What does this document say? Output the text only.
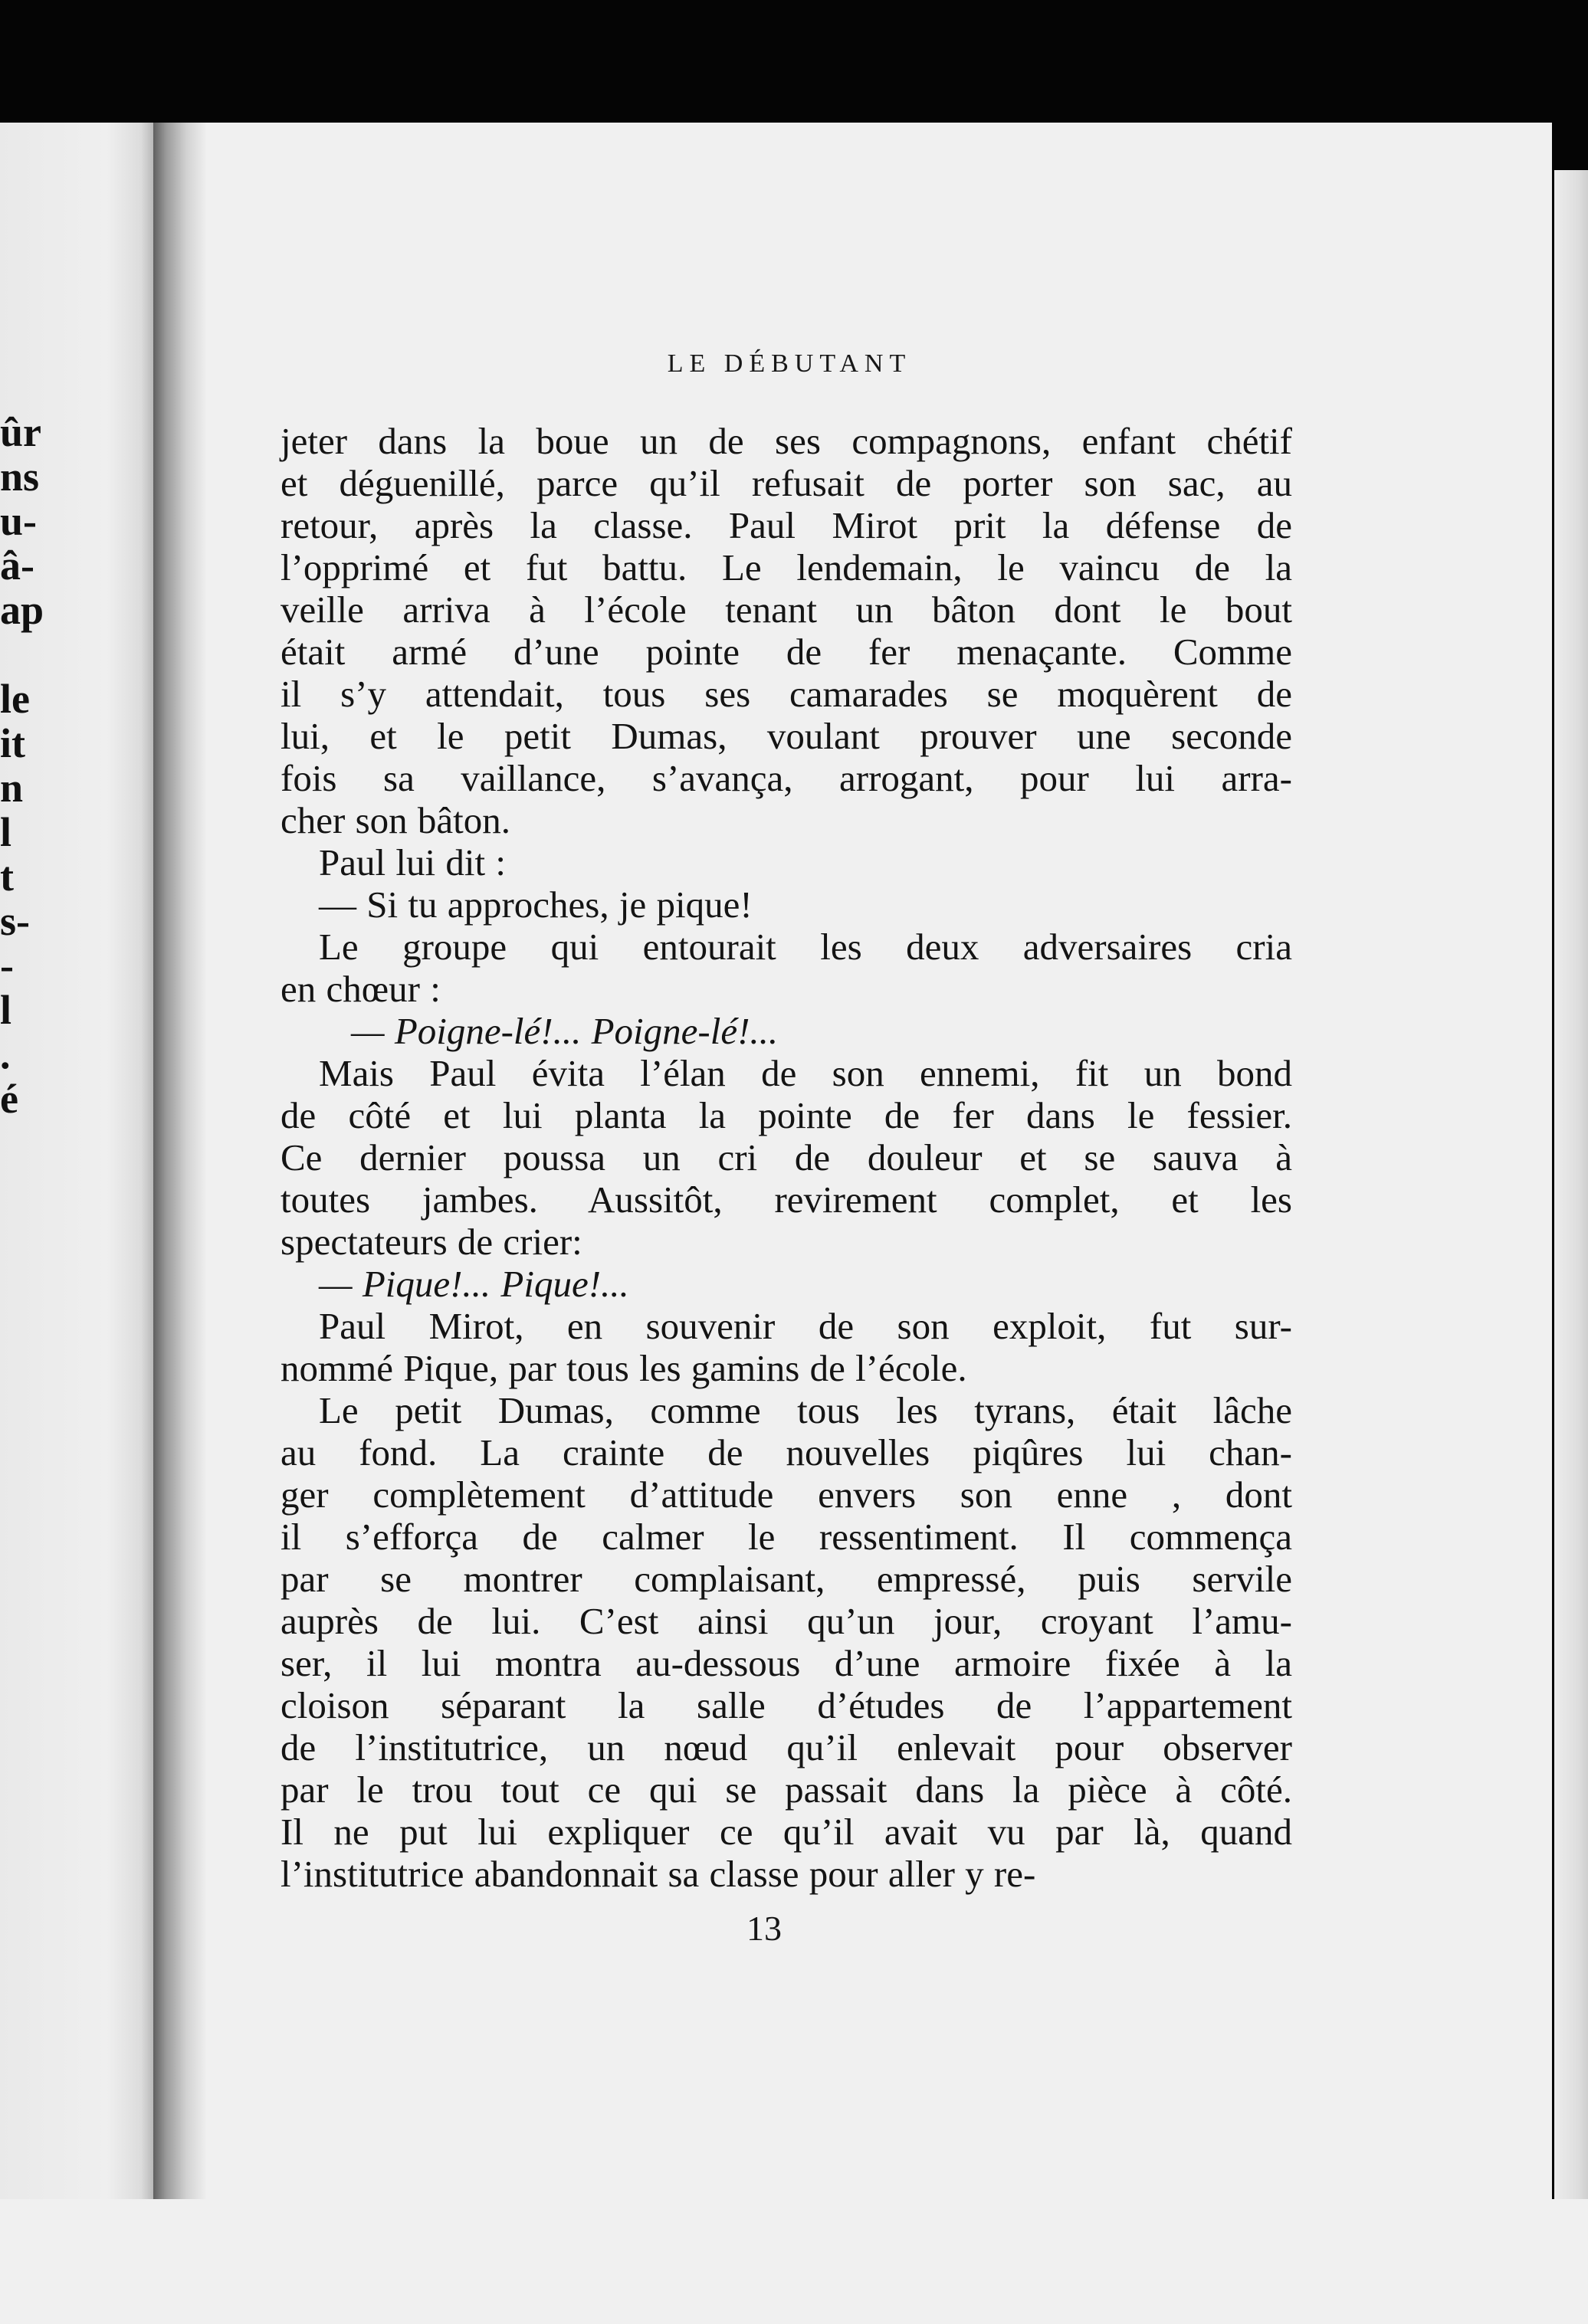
ûr
ns
u-
â-
ap
le
it
n
l
t
s-
-
l
.
é
LE DÉBUTANT
jeter dans la boue un de ses compagnons, enfant chétif
et déguenillé, parce qu’il refusait de porter son sac, au
retour, après la classe. Paul Mirot prit la défense de
l’opprimé et fut battu. Le lendemain, le vaincu de la
veille arriva à l’école tenant un bâton dont le bout
était armé d’une pointe de fer menaçante. Comme
il s’y attendait, tous ses camarades se moquèrent de
lui, et le petit Dumas, voulant prouver une seconde
fois sa vaillance, s’avança, arrogant, pour lui arra-
cher son bâton.
Paul lui dit :
— Si tu approches, je pique!
Le groupe qui entourait les deux adversaires cria
en chœur :
— Poigne-lé!... Poigne-lé!...
Mais Paul évita l’élan de son ennemi, fit un bond
de côté et lui planta la pointe de fer dans le fessier.
Ce dernier poussa un cri de douleur et se sauva à
toutes jambes. Aussitôt, revirement complet, et les
spectateurs de crier:
— Pique!... Pique!...
Paul Mirot, en souvenir de son exploit, fut sur-
nommé Pique, par tous les gamins de l’école.
Le petit Dumas, comme tous les tyrans, était lâche
au fond. La crainte de nouvelles piqûres lui chan-
ger complètement d’attitude envers son enne , dont
il s’efforça de calmer le ressentiment. Il commença
par se montrer complaisant, empressé, puis servile
auprès de lui. C’est ainsi qu’un jour, croyant l’amu-
ser, il lui montra au-dessous d’une armoire fixée à la
cloison séparant la salle d’études de l’appartement
de l’institutrice, un nœud qu’il enlevait pour observer
par le trou tout ce qui se passait dans la pièce à côté.
Il ne put lui expliquer ce qu’il avait vu par là, quand
l’institutrice abandonnait sa classe pour aller y re-
13
